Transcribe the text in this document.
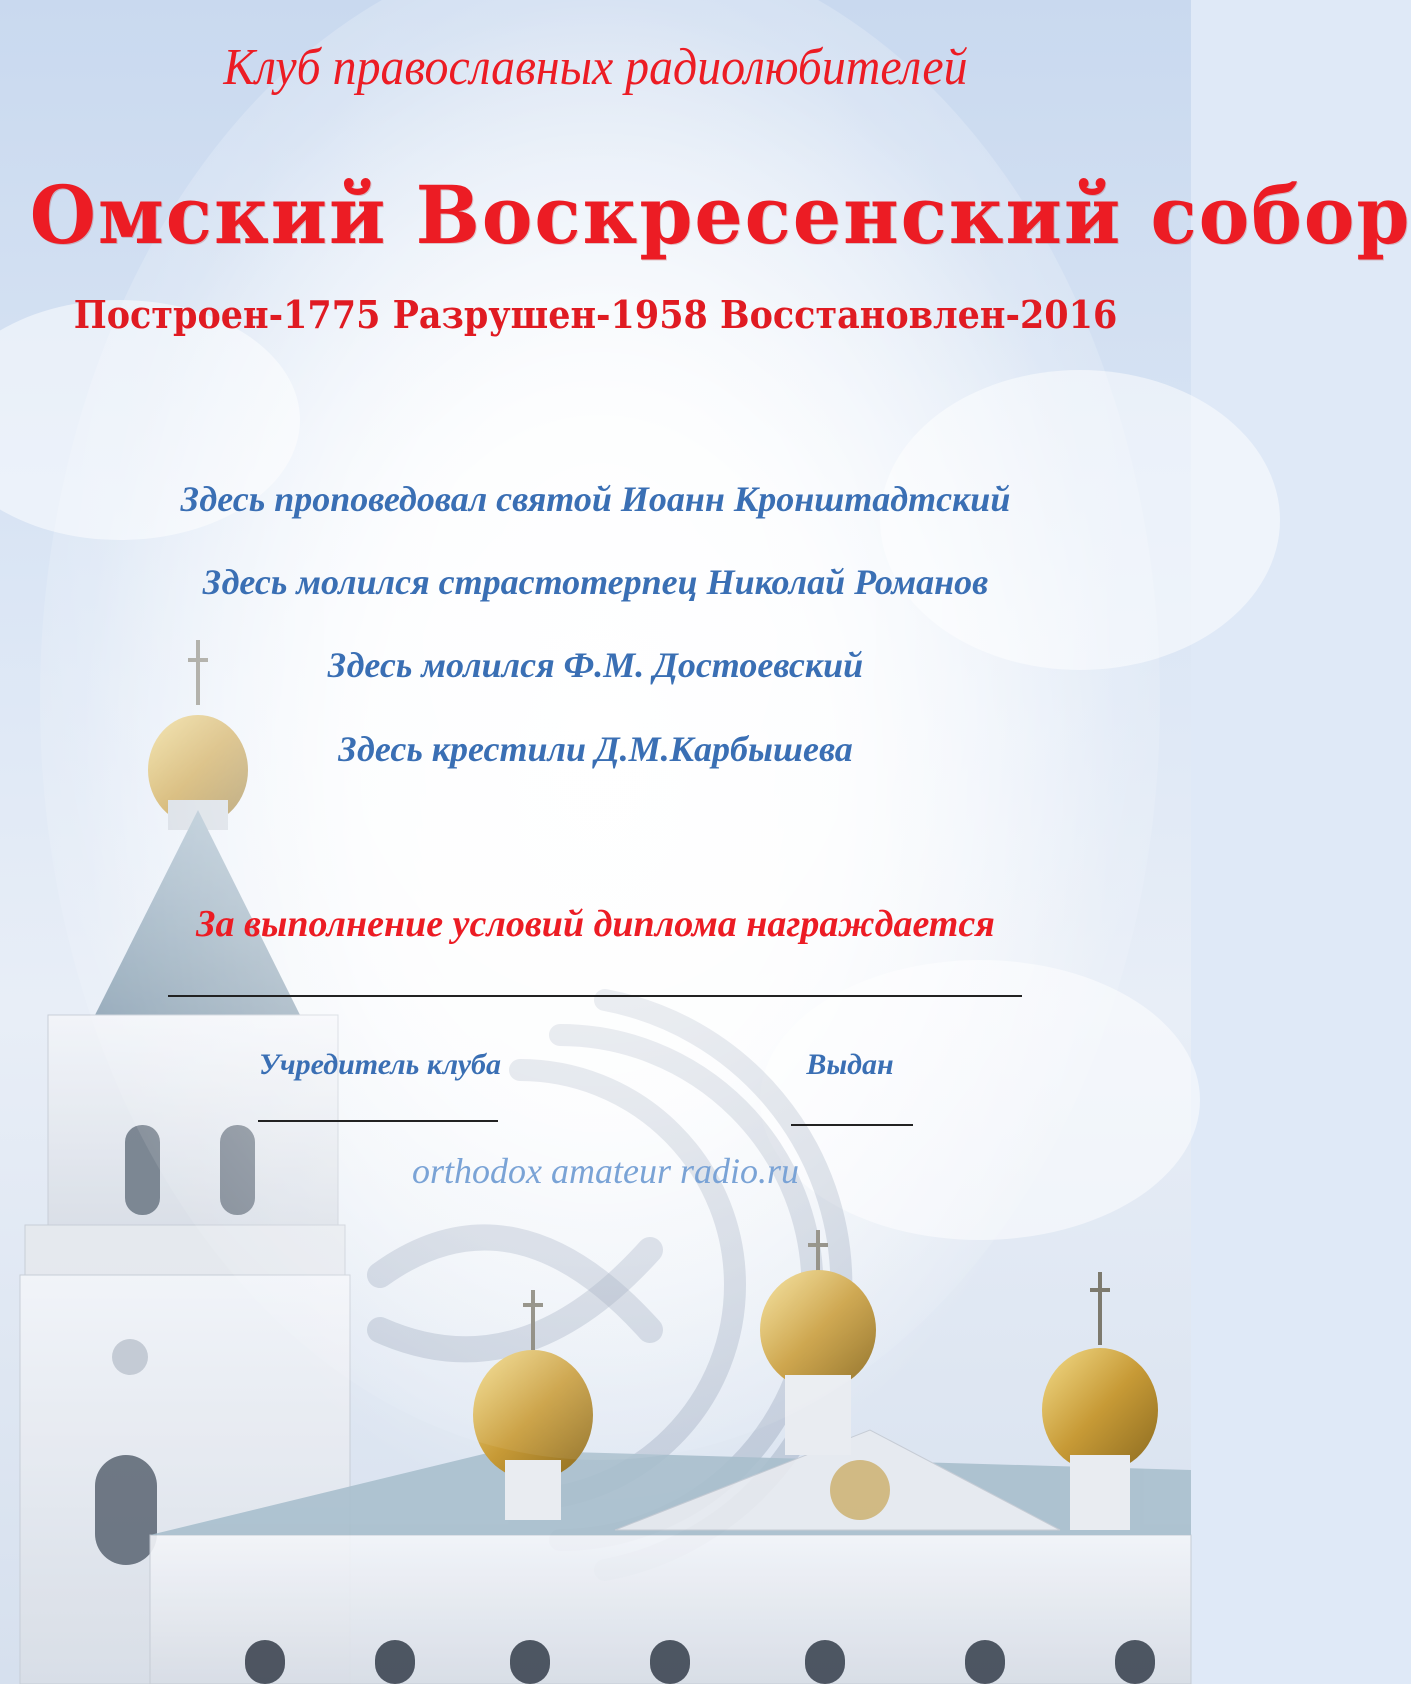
Клуб православных радиолюбителей
Омский Воскресенский собор
Построен-1775 Разрушен-1958 Восстановлен-2016
Здесь проповедовал святой Иоанн Кронштадтский
Здесь молился страстотерпец Николай Романов
Здесь молился Ф.М. Достоевский
Здесь крестили Д.М.Карбышева
За выполнение условий диплома награждается
Учредитель клуба	Выдан
orthodox amateur radio.ru
